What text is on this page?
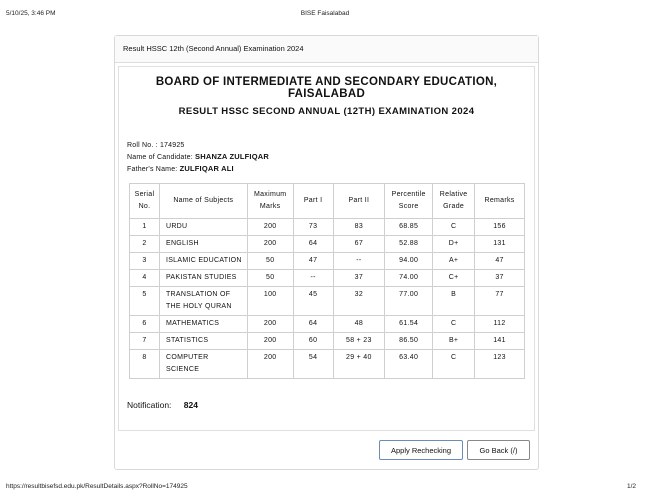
5/10/25, 3:46 PM	BISE Faisalabad
Result HSSC 12th (Second Annual) Examination 2024
BOARD OF INTERMEDIATE AND SECONDARY EDUCATION,
FAISALABAD
RESULT HSSC SECOND ANNUAL (12TH) EXAMINATION 2024
Roll No. : 174925
Name of Candidate: SHANZA ZULFIQAR
Father's Name: ZULFIQAR ALI
Serial No.	Name of Subjects	Maximum Marks	Part I	Part II	Percentile Score	Relative Grade	Remarks
1	URDU	200	73	83	68.85	C	156
2	ENGLISH	200	64	67	52.88	D+	131
3	ISLAMIC EDUCATION	50	47	--	94.00	A+	47
4	PAKISTAN STUDIES	50	--	37	74.00	C+	37
5	TRANSLATION OF THE HOLY QURAN	100	45	32	77.00	B	77
6	MATHEMATICS	200	64	48	61.54	C	112
7	STATISTICS	200	60	58 + 23	86.50	B+	141
8	COMPUTER SCIENCE	200	54	29 + 40	63.40	C	123
Notification: 824
Apply Rechecking	Go Back (/)
https://resultbisefsd.edu.pk/ResultDetails.aspx?RollNo=174925	1/2
